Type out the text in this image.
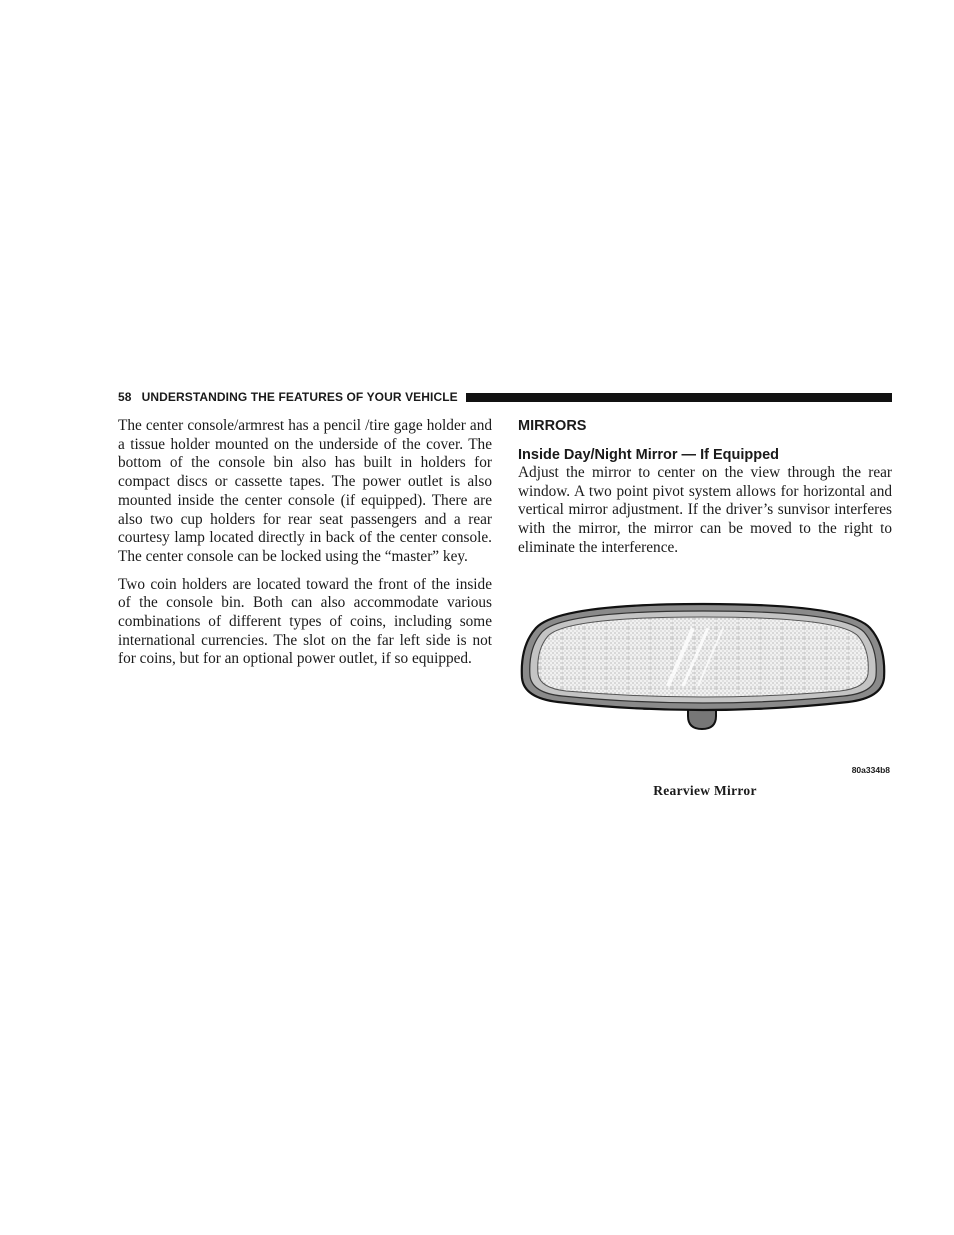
58 UNDERSTANDING THE FEATURES OF YOUR VEHICLE

The center console/armrest has a pencil /tire gage holder and a tissue holder mounted on the underside of the cover. The bottom of the console bin also has built in holders for compact discs or cassette tapes. The power outlet is also mounted inside the center console (if equipped). There are also two cup holders for rear seat passengers and a rear courtesy lamp located directly in back of the center console. The center console can be locked using the “master” key.

Two coin holders are located toward the front of the inside of the console bin. Both can also accommodate various combinations of different types of coins, including some international currencies. The slot on the far left side is not for coins, but for an optional power outlet, if so equipped.

MIRRORS
Inside Day/Night Mirror — If Equipped

Adjust the mirror to center on the view through the rear window. A two point pivot system allows for horizontal and vertical mirror adjustment. If the driver’s sunvisor interferes with the mirror, the mirror can be moved to the right to eliminate the interference.

80a334b8
Rearview Mirror
